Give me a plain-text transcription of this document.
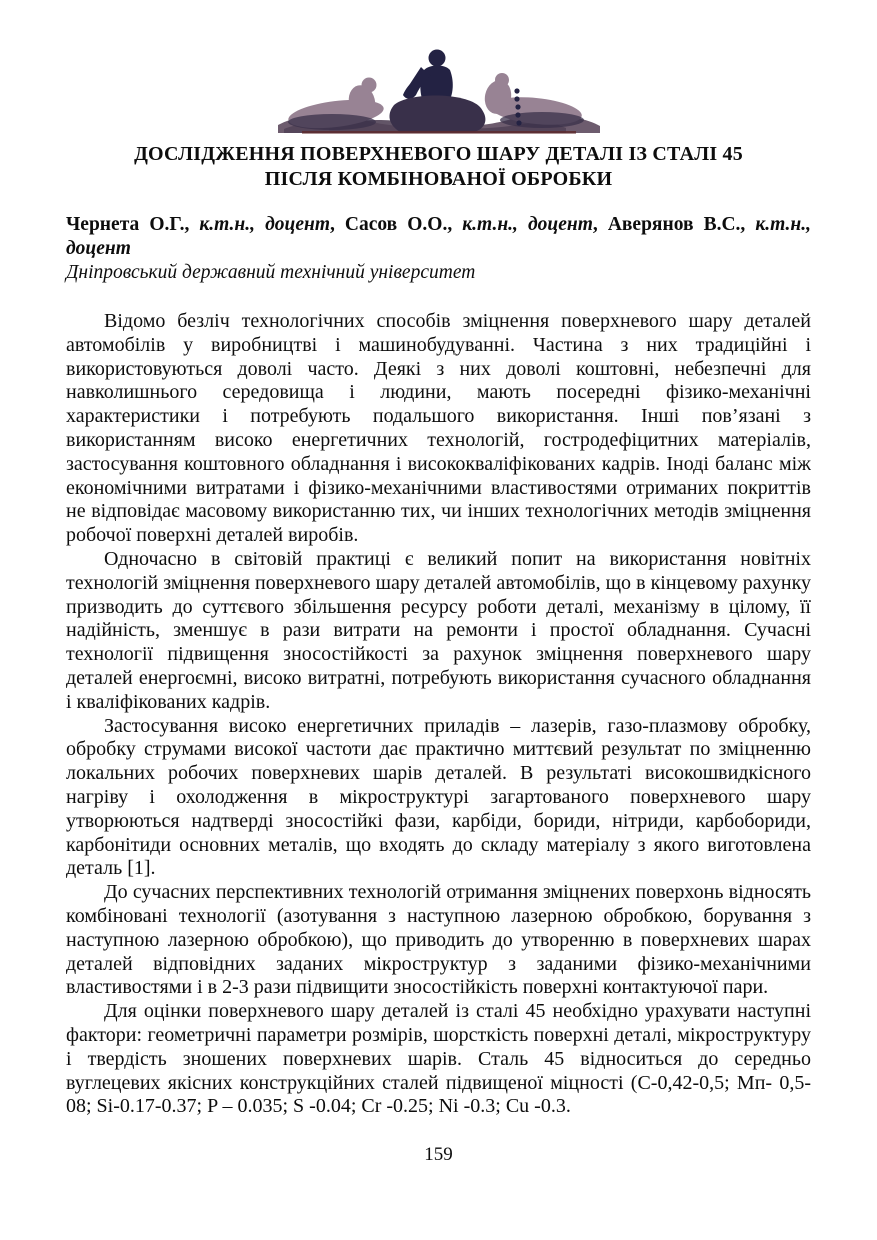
ДОСЛІДЖЕННЯ ПОВЕРХНЕВОГО ШАРУ ДЕТАЛІ ІЗ СТАЛІ 45
ПІСЛЯ КОМБІНОВАНОЇ ОБРОБКИ

Чернета О.Г., к.т.н., доцент, Сасов О.О., к.т.н., доцент, Аверянов В.С., к.т.н., доцент

Дніпровський державний технічний університет

Відомо безліч технологічних способів зміцнення поверхневого шару деталей автомобілів у виробництві і машинобудуванні. Частина з них традиційні і використовуються доволі часто. Деякі з них доволі коштовні, небезпечні для навколишнього середовища і людини, мають посередні фізико-механічні характеристики і потребують подальшого використання. Інші пов’язані з використанням високо енергетичних технологій, гостродефіцитних матеріалів, застосування коштовного обладнання і висококваліфікованих кадрів. Іноді баланс між економічними витратами і фізико-механічними властивостями отриманих покриттів не відповідає масовому використанню тих, чи інших технологічних методів зміцнення робочої поверхні деталей виробів.

Одночасно в світовій практиці є великий попит на використання новітніх технологій зміцнення поверхневого шару деталей автомобілів, що в кінцевому рахунку призводить до суттєвого збільшення ресурсу роботи деталі, механізму в цілому, її надійність, зменшує в рази витрати на ремонти і простої обладнання. Сучасні технології підвищення зносостійкості за рахунок зміцнення поверхневого шару деталей енергоємні, високо витратні, потребують використання сучасного обладнання і кваліфікованих кадрів.

Застосування високо енергетичних приладів – лазерів, газо-плазмову обробку, обробку струмами високої частоти дає практично миттєвий результат по зміцненню локальних робочих поверхневих шарів деталей. В результаті високошвидкісного нагріву і охолодження в мікроструктурі загартованого поверхневого шару утворюються надтверді зносостійкі фази, карбіди, бориди, нітриди, карбобориди, карбонітиди основних металів, що входять до складу матеріалу з якого виготовлена деталь [1].

До сучасних перспективних технологій отримання зміцнених поверхонь відносять комбіновані технології (азотування з наступною лазерною обробкою, борування з наступною лазерною обробкою), що приводить до утворенню в поверхневих шарах деталей відповідних заданих мікроструктур з заданими фізико-механічними властивостями і в 2-3 рази підвищити зносостійкість поверхні контактуючої пари.

Для оцінки поверхневого шару деталей із сталі 45 необхідно урахувати наступні фактори: геометричні параметри розмірів, шорсткість поверхні деталі, мікроструктуру і твердість зношених поверхневих шарів. Сталь 45 відноситься до середньо вуглецевих якісних конструкційних сталей підвищеної міцності (С-0,42-0,5; Мп- 0,5-08; Si-0.17-0.37; P – 0.035; S -0.04; Cr -0.25; Ni -0.3; Cu -0.3.

159
